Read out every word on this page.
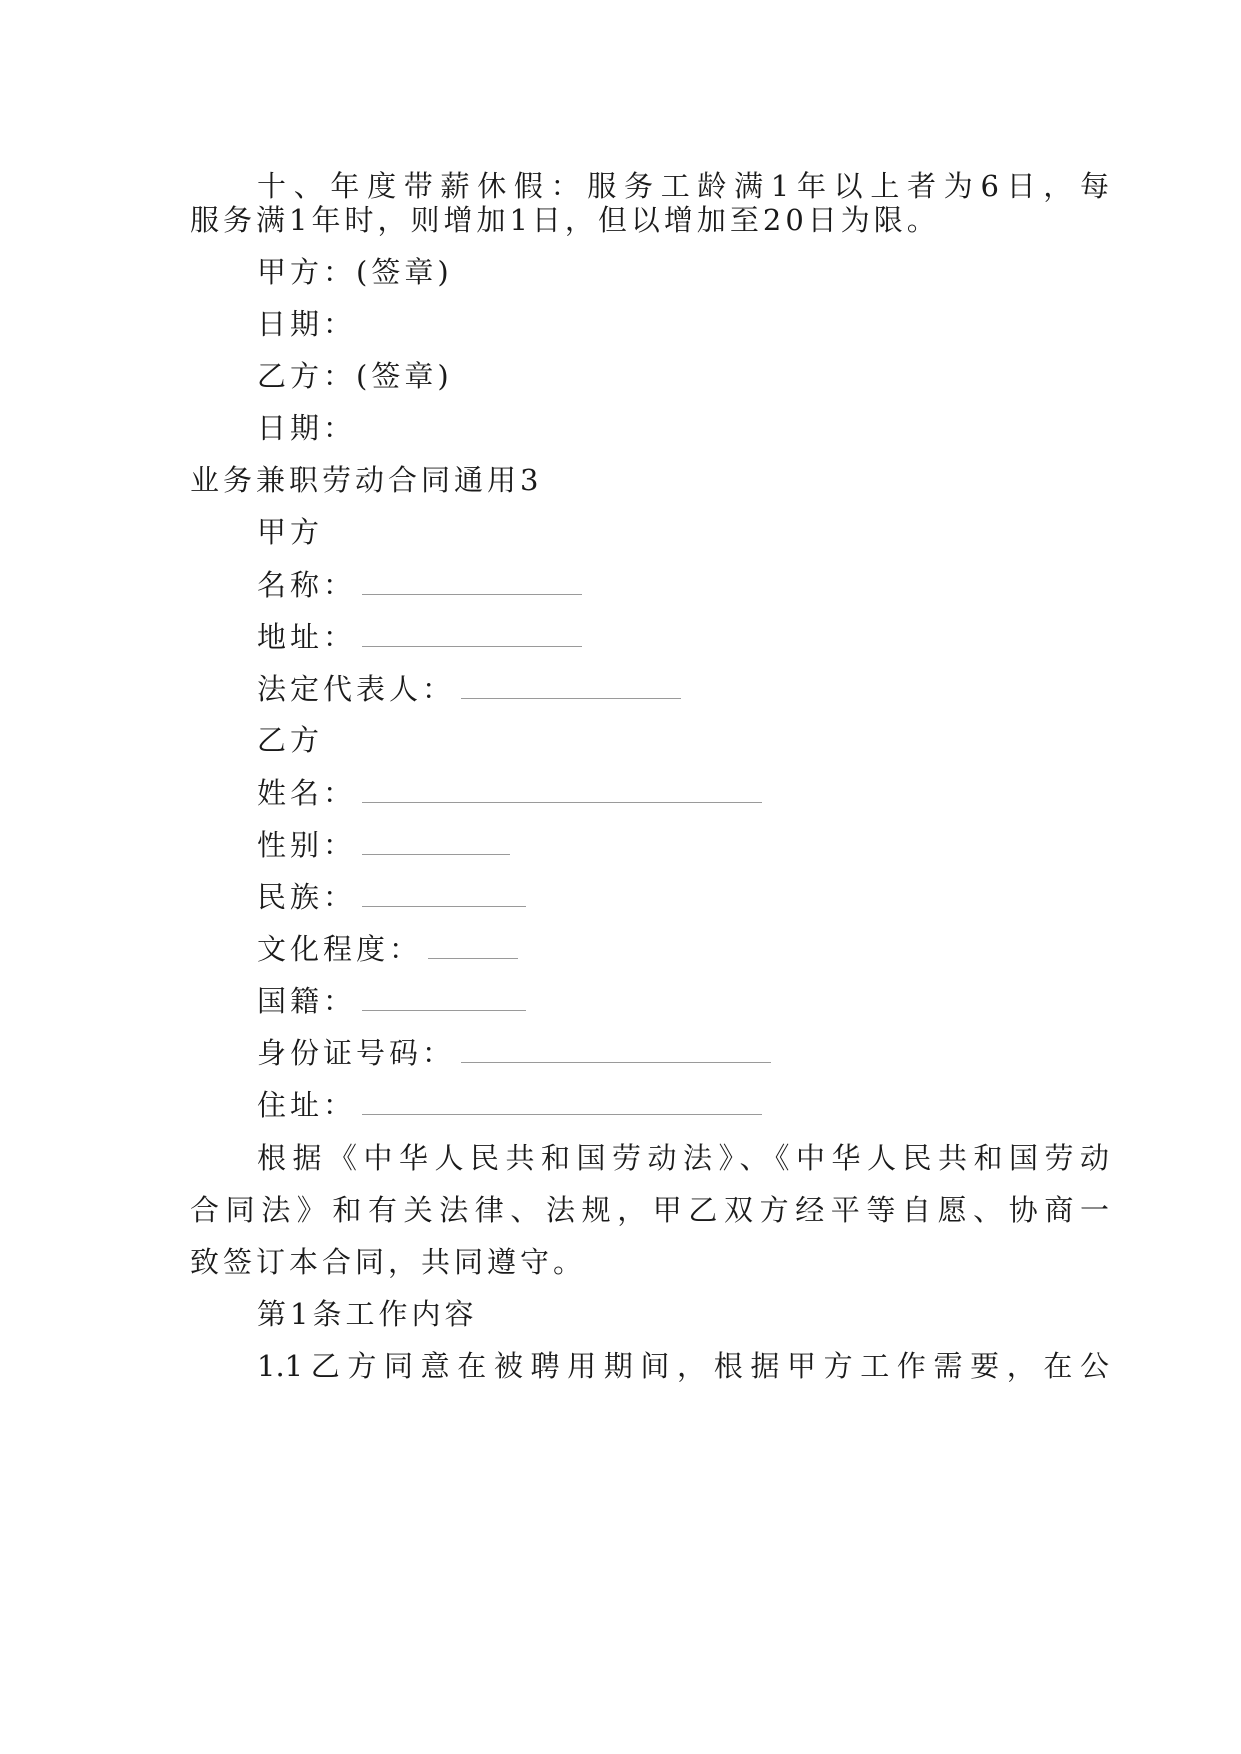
十、年度带薪休假：服务工龄满1年以上者为6日，每
服务满1年时，则增加1日，但以增加至20日为限。
甲方：(签章)
日期：
乙方：(签章)
日期：
业务兼职劳动合同通用3
甲方
名称：
地址：
法定代表人：
乙方
姓名：
性别：
民族：
文化程度：
国籍：
身份证号码：
住址：
根据《中华人民共和国劳动法》、《中华人民共和国劳动
合同法》和有关法律、法规，甲乙双方经平等自愿、协商一
致签订本合同，共同遵守。
第1条工作内容
1.1乙方同意在被聘用期间，根据甲方工作需要，在公
